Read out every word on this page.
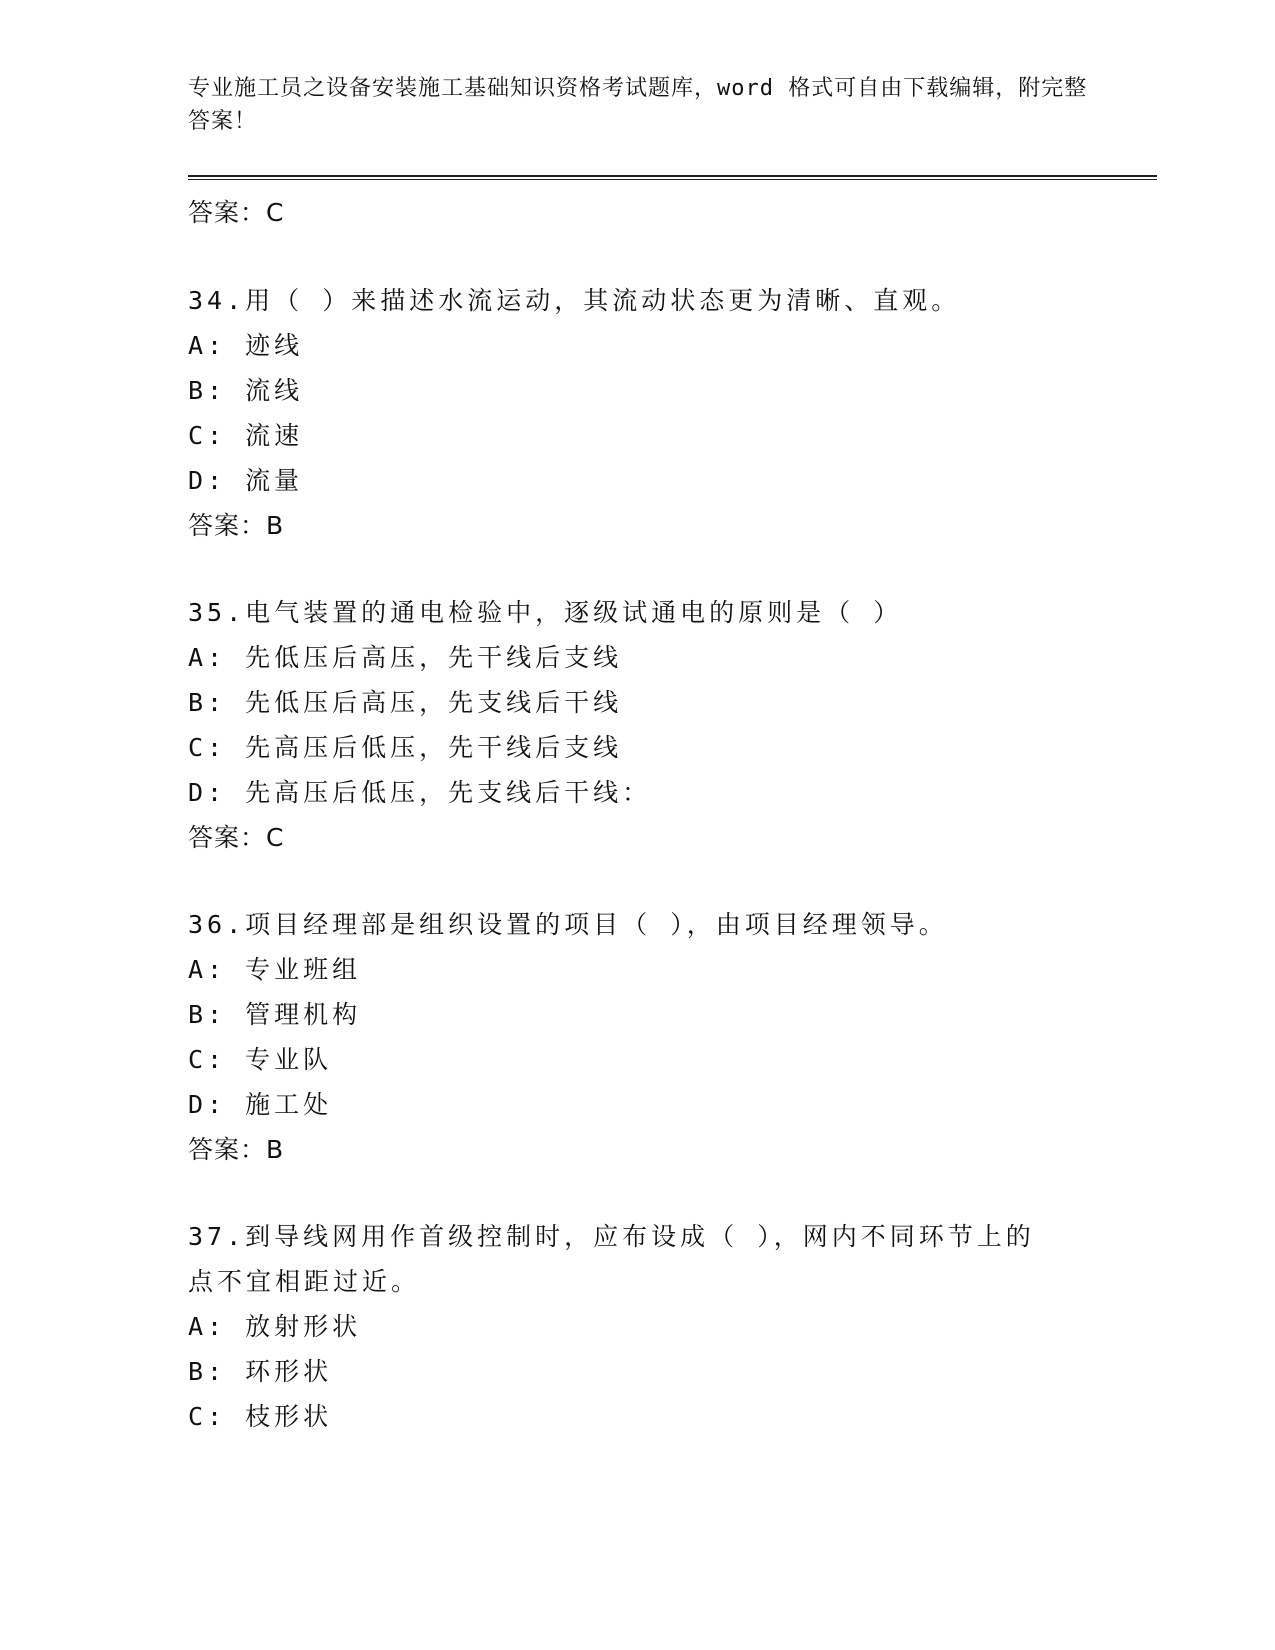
专业施工员之设备安装施工基础知识资格考试题库，word 格式可自由下载编辑，附完整答案！
答案：C
34.用（ ）来描述水流运动，其流动状态更为清晰、直观。
A: 迹线
B: 流线
C: 流速
D: 流量
答案：B
35.电气装置的通电检验中，逐级试通电的原则是（ ）
A: 先低压后高压，先干线后支线
B: 先低压后高压，先支线后干线
C: 先高压后低压，先干线后支线
D: 先高压后低压，先支线后干线：
答案：C
36.项目经理部是组织设置的项目（ ），由项目经理领导。
A: 专业班组
B: 管理机构
C: 专业队
D: 施工处
答案：B
37.到导线网用作首级控制时，应布设成（ ），网内不同环节上的点不宜相距过近。
A: 放射形状
B: 环形状
C: 枝形状
